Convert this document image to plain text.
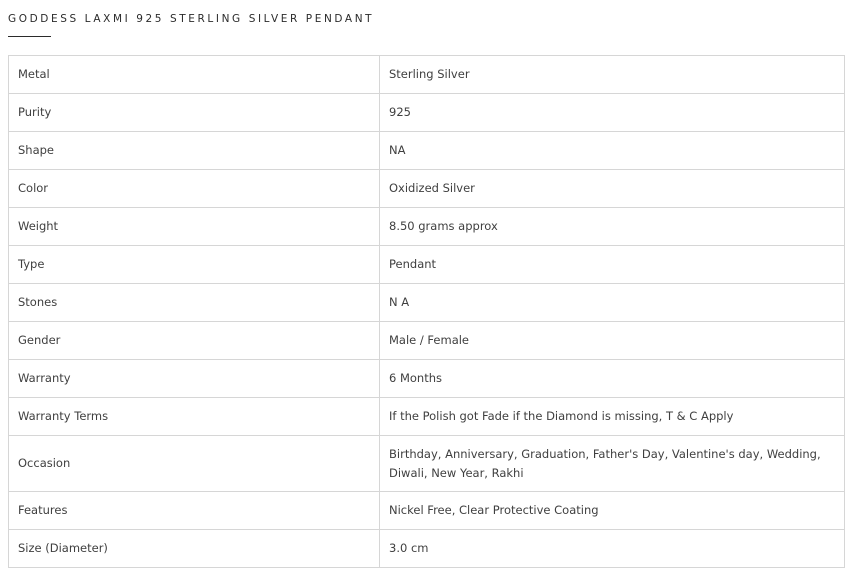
GODDESS LAXMI 925 STERLING SILVER PENDANT
Metal	Sterling Silver
Purity	925
Shape	NA
Color	Oxidized Silver
Weight	8.50 grams approx
Type	Pendant
Stones	N A
Gender	Male / Female
Warranty	6 Months
Warranty Terms	If the Polish got Fade if the Diamond is missing, T & C Apply
Occasion	Birthday, Anniversary, Graduation, Father's Day, Valentine's day, Wedding, Diwali, New Year, Rakhi
Features	Nickel Free, Clear Protective Coating
Size (Diameter)	3.0 cm
